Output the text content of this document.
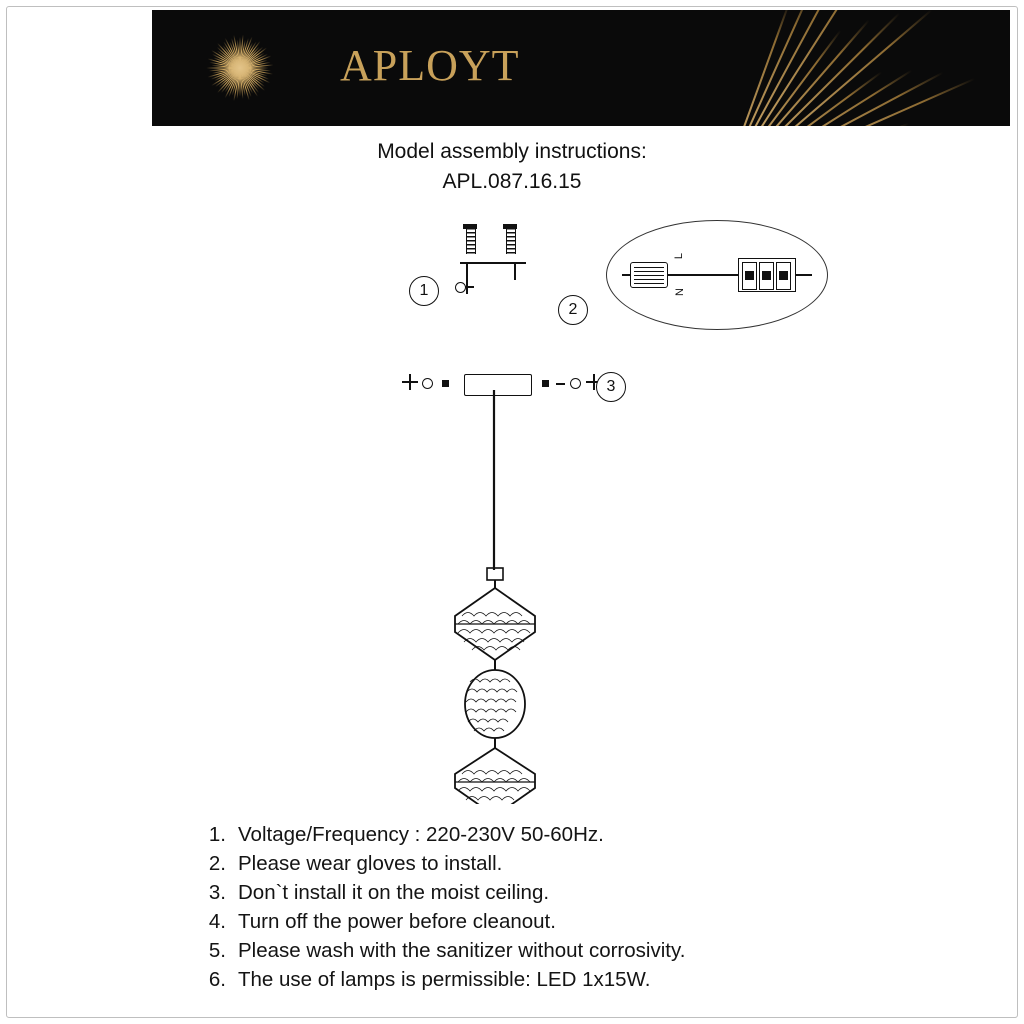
APLOYT
Model assembly instructions:
APL.087.16.15
1
L
N
2
3
1. Voltage/Frequency : 220-230V 50-60Hz.
2. Please wear gloves to install.
3. Don`t install it on the moist ceiling.
4. Turn off the power before cleanout.
5. Please wash with the sanitizer without corrosivity.
6. The use of lamps is permissible: LED 1x15W.
